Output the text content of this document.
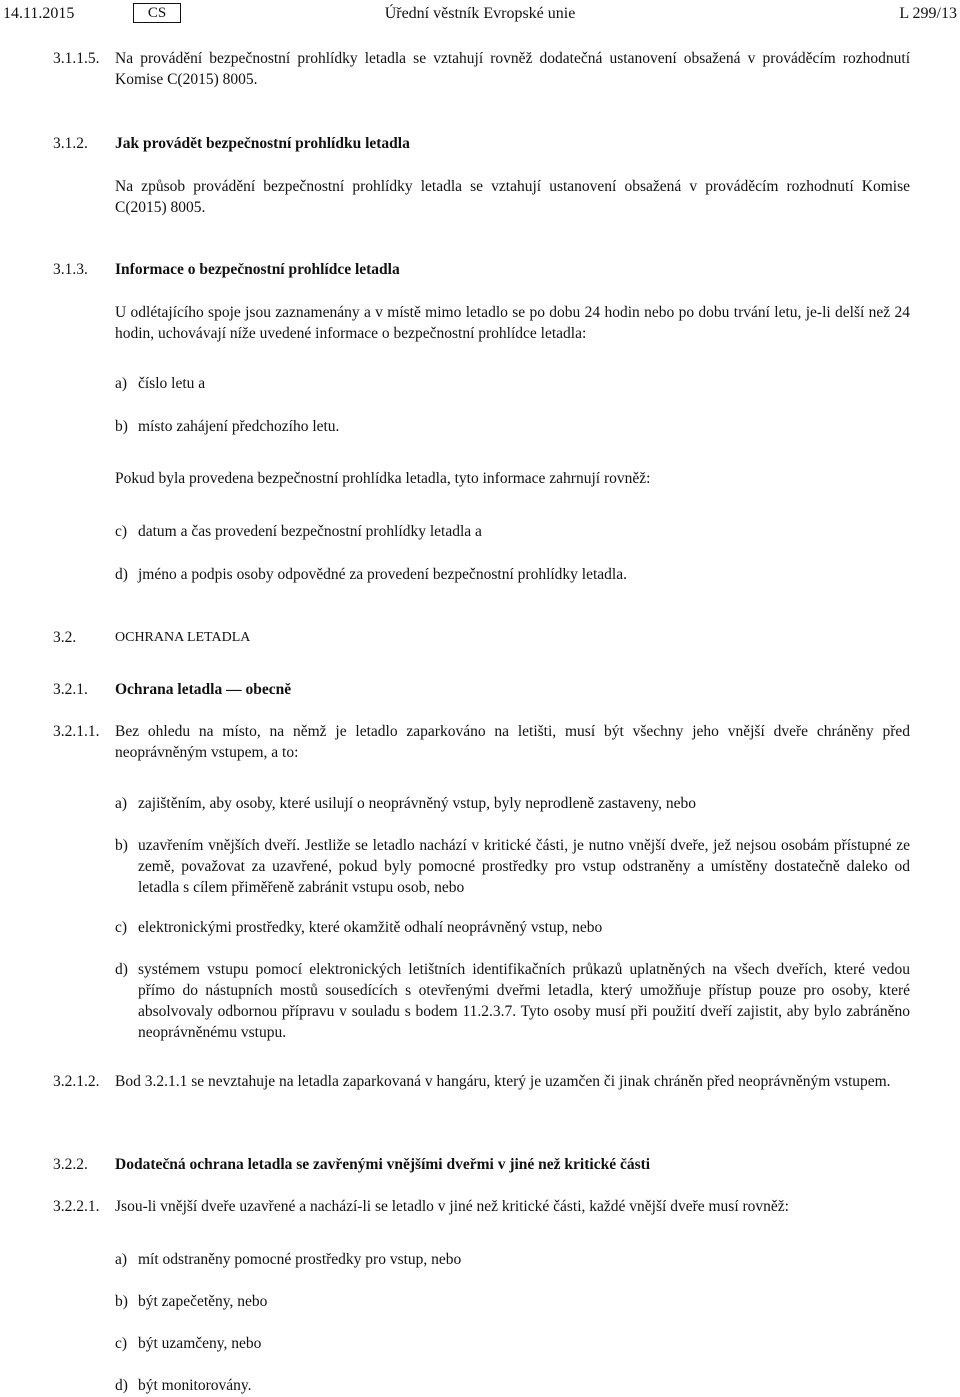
14.11.2015	CS	Úřední věstník Evropské unie	L 299/13
3.1.1.5. Na provádění bezpečnostní prohlídky letadla se vztahují rovněž dodatečná ustanovení obsažená v prováděcím rozhodnutí Komise C(2015) 8005.
3.1.2. Jak provádět bezpečnostní prohlídku letadla
Na způsob provádění bezpečnostní prohlídky letadla se vztahují ustanovení obsažená v prováděcím rozhodnutí Komise C(2015) 8005.
3.1.3. Informace o bezpečnostní prohlídce letadla
U odlétajícího spoje jsou zaznamenány a v místě mimo letadlo se po dobu 24 hodin nebo po dobu trvání letu, je-li delší než 24 hodin, uchovávají níže uvedené informace o bezpečnostní prohlídce letadla:
a) číslo letu a
b) místo zahájení předchozího letu.
Pokud byla provedena bezpečnostní prohlídka letadla, tyto informace zahrnují rovněž:
c) datum a čas provedení bezpečnostní prohlídky letadla a
d) jméno a podpis osoby odpovědné za provedení bezpečnostní prohlídky letadla.
3.2.	OCHRANA LETADLA
3.2.1. Ochrana letadla — obecně
3.2.1.1. Bez ohledu na místo, na němž je letadlo zaparkováno na letišti, musí být všechny jeho vnější dveře chráněny před neoprávněným vstupem, a to:
a) zajištěním, aby osoby, které usilují o neoprávněný vstup, byly neprodleně zastaveny, nebo
b) uzavřením vnějších dveří. Jestliže se letadlo nachází v kritické části, je nutno vnější dveře, jež nejsou osobám přístupné ze země, považovat za uzavřené, pokud byly pomocné prostředky pro vstup odstraněny a umístěny dostatečně daleko od letadla s cílem přiměřeně zabránit vstupu osob, nebo
c) elektronickými prostředky, které okamžitě odhalí neoprávněný vstup, nebo
d) systémem vstupu pomocí elektronických letištních identifikačních průkazů uplatněných na všech dveřích, které vedou přímo do nástupních mostů sousedících s otevřenými dveřmi letadla, který umožňuje přístup pouze pro osoby, které absolvovaly odbornou přípravu v souladu s bodem 11.2.3.7. Tyto osoby musí při použití dveří zajistit, aby bylo zabráněno neoprávněnému vstupu.
3.2.1.2. Bod 3.2.1.1 se nevztahuje na letadla zaparkovaná v hangáru, který je uzamčen či jinak chráněn před neoprávněným vstupem.
3.2.2. Dodatečná ochrana letadla se zavřenými vnějšími dveřmi v jiné než kritické části
3.2.2.1. Jsou-li vnější dveře uzavřené a nachází-li se letadlo v jiné než kritické části, každé vnější dveře musí rovněž:
a) mít odstraněny pomocné prostředky pro vstup, nebo
b) být zapečetěny, nebo
c) být uzamčeny, nebo
d) být monitorovány.
